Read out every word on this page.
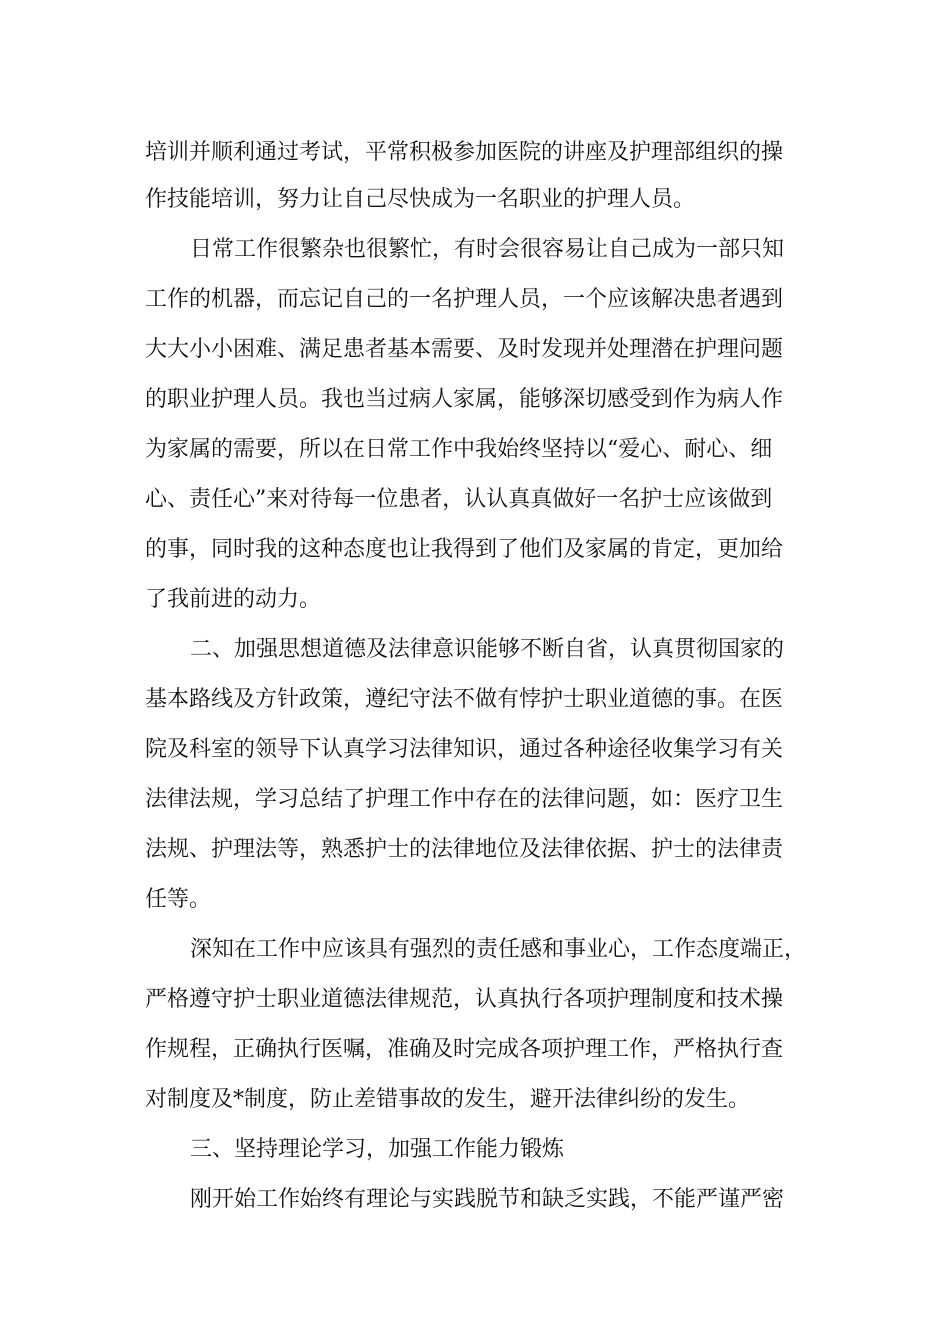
培训并顺利通过考试，平常积极参加医院的讲座及护理部组织的操
作技能培训，努力让自己尽快成为一名职业的护理人员。
日常工作很繁杂也很繁忙，有时会很容易让自己成为一部只知
工作的机器，而忘记自己的一名护理人员，一个应该解决患者遇到
大大小小困难、满足患者基本需要、及时发现并处理潜在护理问题
的职业护理人员。我也当过病人家属，能够深切感受到作为病人作
为家属的需要，所以在日常工作中我始终坚持以“爱心、耐心、细
心、责任心”来对待每一位患者，认认真真做好一名护士应该做到
的事，同时我的这种态度也让我得到了他们及家属的肯定，更加给
了我前进的动力。
二、加强思想道德及法律意识能够不断自省，认真贯彻国家的
基本路线及方针政策，遵纪守法不做有悖护士职业道德的事。在医
院及科室的领导下认真学习法律知识，通过各种途径收集学习有关
法律法规，学习总结了护理工作中存在的法律问题，如：医疗卫生
法规、护理法等，熟悉护士的法律地位及法律依据、护士的法律责
任等。
深知在工作中应该具有强烈的责任感和事业心，工作态度端正，
严格遵守护士职业道德法律规范，认真执行各项护理制度和技术操
作规程，正确执行医嘱，准确及时完成各项护理工作，严格执行查
对制度及*制度，防止差错事故的发生，避开法律纠纷的发生。
三、坚持理论学习，加强工作能力锻炼
刚开始工作始终有理论与实践脱节和缺乏实践，不能严谨严密
